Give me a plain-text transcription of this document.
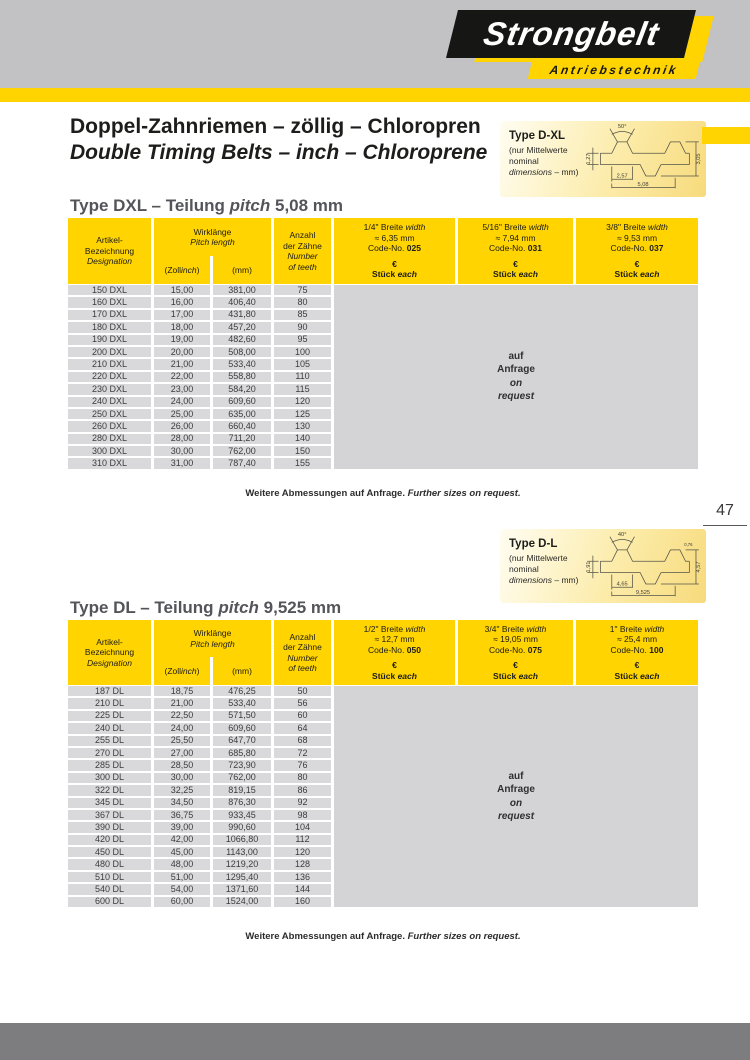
Strongbelt
Antriebstechnik
Doppel-Zahnriemen – zöllig – Chloropren
Double Timing Belts – inch – Chloroprene
Type D-XL
(nur Mittelwerte
nominal
dimensions – mm)
50°
1,27
2,57
5,08
3,05
Type DXL – Teilung pitch 5,08 mm
Artikel-
Bezeichnung
Designation
Wirklänge
Pitch length
(Zoll inch )	(mm)
Anzahl
der Zähne
Number
of teeth
1/4" Breite width
≈ 6,35 mm
Code-No. 025
€
Stück each
5/16" Breite width
≈ 7,94 mm
Code-No. 031
€
Stück each
3/8" Breite width
≈ 9,53 mm
Code-No. 037
€
Stück each
150 DXL	15,00	381,00	75
160 DXL	16,00	406,40	80
170 DXL	17,00	431,80	85
180 DXL	18,00	457,20	90
190 DXL	19,00	482,60	95
200 DXL	20,00	508,00	100
210 DXL	21,00	533,40	105
220 DXL	22,00	558,80	110
230 DXL	23,00	584,20	115
240 DXL	24,00	609,60	120
250 DXL	25,00	635,00	125
260 DXL	26,00	660,40	130
280 DXL	28,00	711,20	140
300 DXL	30,00	762,00	150
310 DXL	31,00	787,40	155
auf
Anfrage
on
request
Weitere Abmessungen auf Anfrage. Further sizes on request.
47
Type D-L
(nur Mittelwerte
nominal
dimensions – mm)
40°
1,91
4,65
9,525
4,57
0,76
Type DL – Teilung pitch 9,525 mm
Artikel-
Bezeichnung
Designation
Wirklänge
Pitch length
(Zoll inch )	(mm)
Anzahl
der Zähne
Number
of teeth
1/2" Breite width
≈ 12,7 mm
Code-No. 050
€
Stück each
3/4" Breite width
≈ 19,05 mm
Code-No. 075
€
Stück each
1" Breite width
≈ 25,4 mm
Code-No. 100
€
Stück each
187 DL	18,75	476,25	50
210 DL	21,00	533,40	56
225 DL	22,50	571,50	60
240 DL	24,00	609,60	64
255 DL	25,50	647,70	68
270 DL	27,00	685,80	72
285 DL	28,50	723,90	76
300 DL	30,00	762,00	80
322 DL	32,25	819,15	86
345 DL	34,50	876,30	92
367 DL	36,75	933,45	98
390 DL	39,00	990,60	104
420 DL	42,00	1066,80	112
450 DL	45,00	1143,00	120
480 DL	48,00	1219,20	128
510 DL	51,00	1295,40	136
540 DL	54,00	1371,60	144
600 DL	60,00	1524,00	160
auf
Anfrage
on
request
Weitere Abmessungen auf Anfrage. Further sizes on request.
